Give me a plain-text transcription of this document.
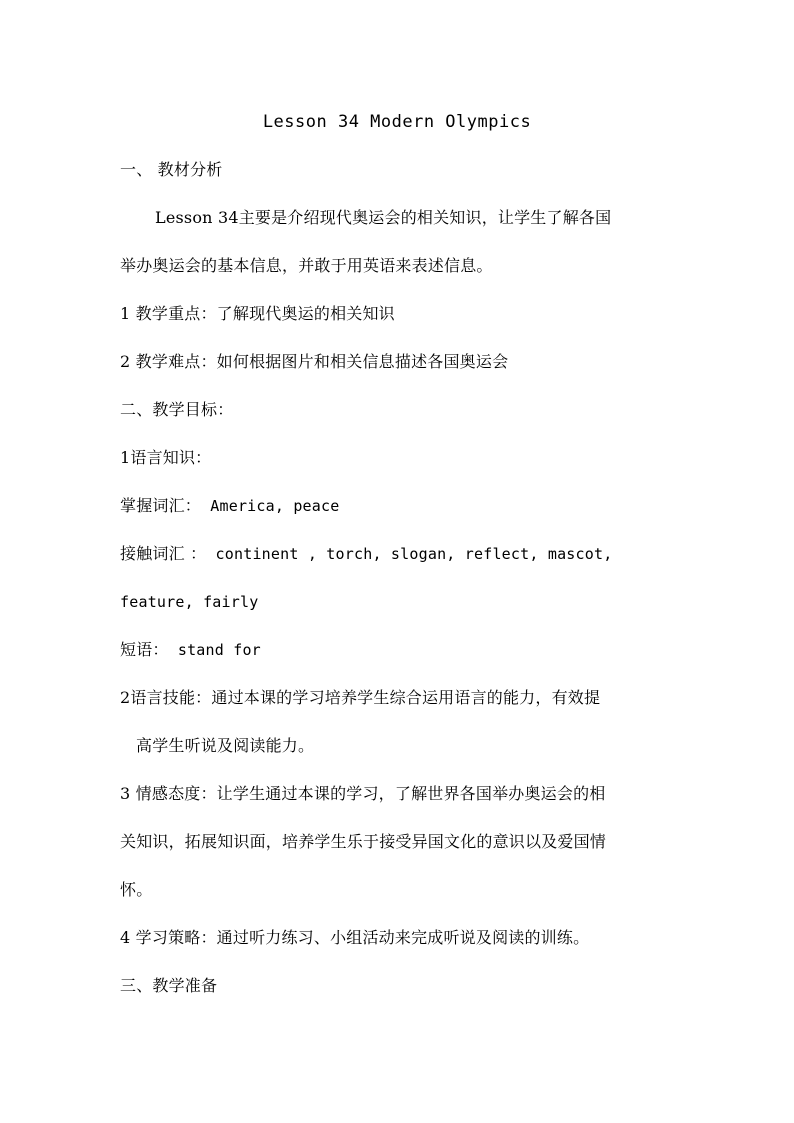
Lesson 34 Modern Olympics
一、 教材分析
Lesson 34主要是介绍现代奥运会的相关知识，让学生了解各国
举办奥运会的基本信息，并敢于用英语来表述信息。
1 教学重点：了解现代奥运的相关知识
2 教学难点：如何根据图片和相关信息描述各国奥运会
二、教学目标：
1语言知识：
掌握词汇： America, peace
接触词汇 ： continent , torch, slogan, reflect, mascot,
feature, fairly
短语： stand for
2语言技能：通过本课的学习培养学生综合运用语言的能力，有效提
高学生听说及阅读能力。
3 情感态度：让学生通过本课的学习，了解世界各国举办奥运会的相
关知识，拓展知识面，培养学生乐于接受异国文化的意识以及爱国情
怀。
4 学习策略：通过听力练习、小组活动来完成听说及阅读的训练。
三、教学准备
